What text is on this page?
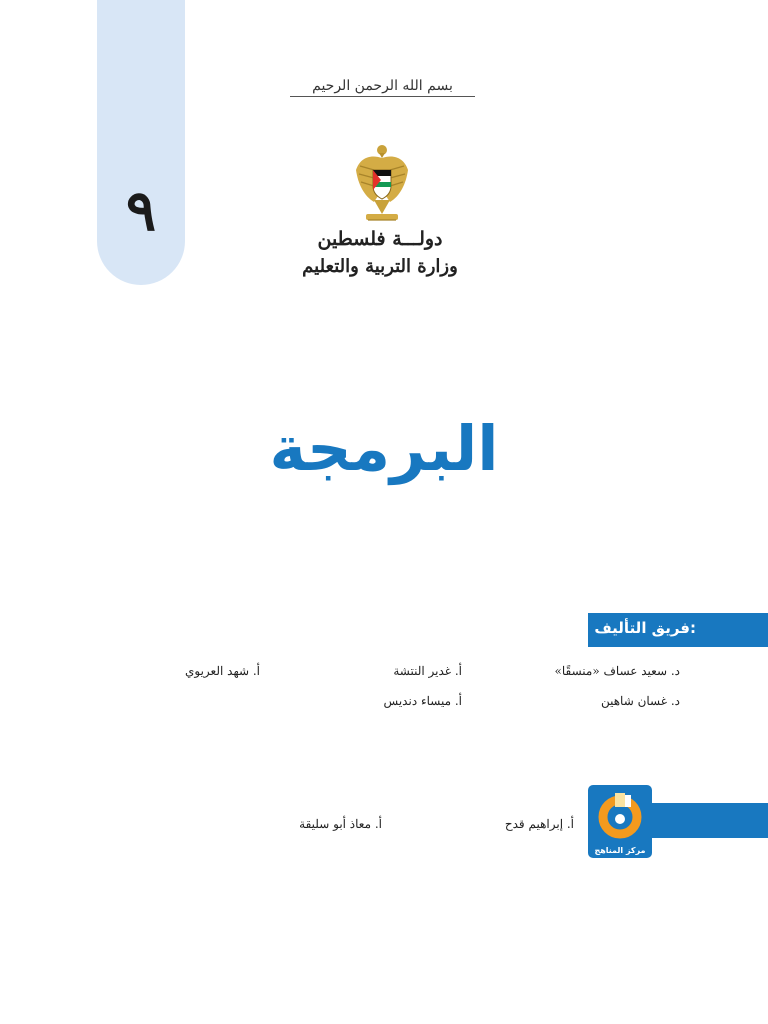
٩
بسم الله الرحمن الرحيم
دولـــة فلسطين
وزارة التربية والتعليم
البرمجة
فريق التأليف:
د. سعيد عساف «منسقًا»
أ. غدير النتشة
أ. شهد العريوي
د. غسان شاهين
أ. ميساء دنديس
مركز المناهج
أ. إبراهيم قدح
أ. معاذ أبو سليقة
